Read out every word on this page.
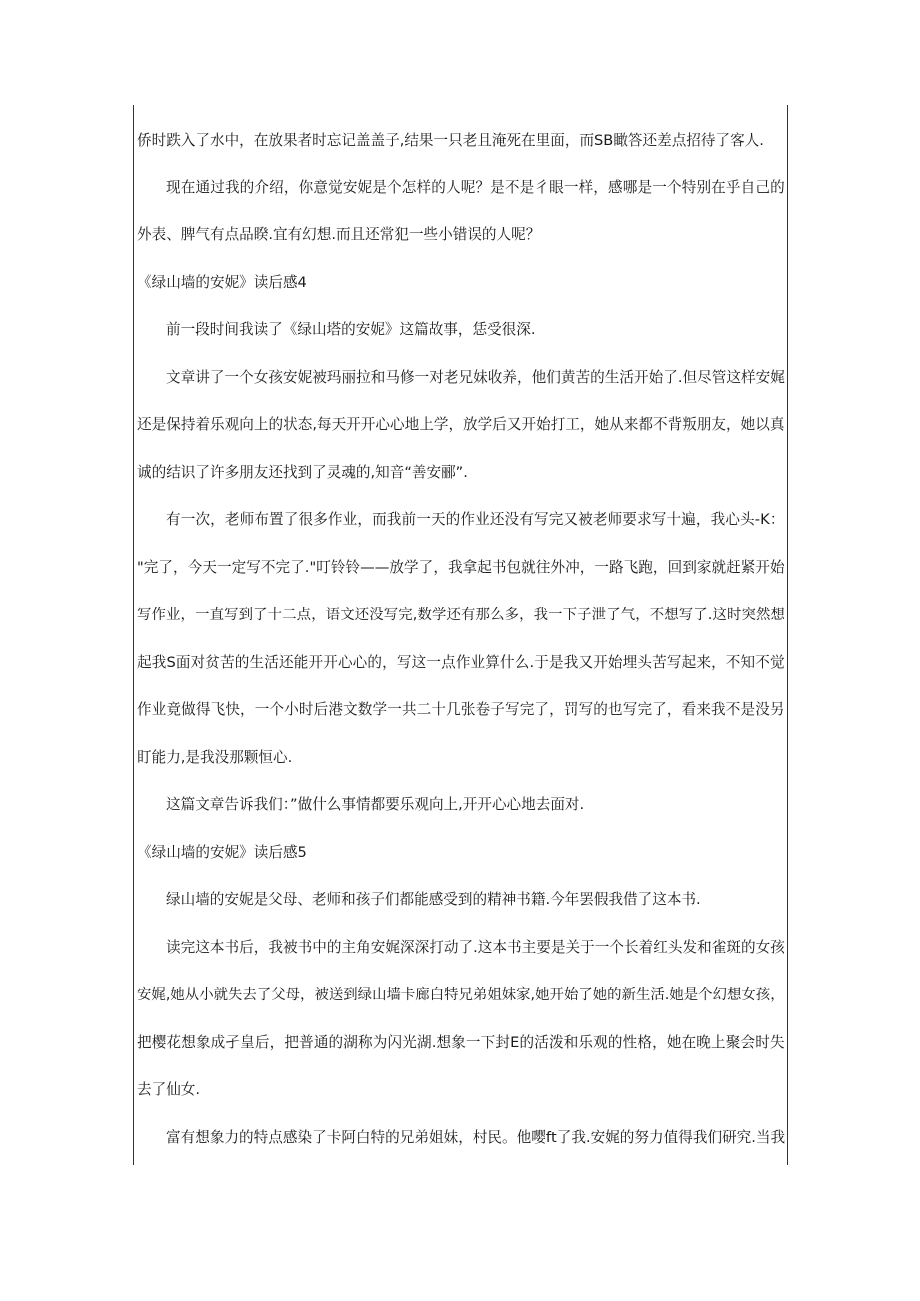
侨时跌入了水中，在放果者时忘记盖盖子,结果一只老且淹死在里面，而SB瞰答还差点招待了客人.
现 在 通 过 我 的 介 绍 ， 你 意 觉 安 妮 是 个 怎 样 的 人 呢 ？ 是 不 是 彳 眼 一 样 ， 感 哪 是 一 个 特 别 在 乎 自 己 的
外表、脾气有点品睽.宜有幻想.而且还常犯一些小错误的人呢？
《绿山墙的安妮》读后感4
前一段时间我读了《绿山塔的安妮》这篇故事，恁受很深.
文 章 讲 了 一 个 女 孩 安 妮 被 玛 丽 拉 和 马 修 一 对 老 兄 妹 收 养 ， 他 们 黄 苦 的 生 活 开 始 了 . 但 尽 管 这 样 安 娓
还 是 保 持 着 乐 观 向 上 的 状 态 , 每 天 开 开 心 心 地 上 学 ， 放 学 后 又 开 始 打 工 ， 她 从 来 都 不 背 叛 朋 友 ， 她 以 真
诚的结识了许多朋友还找到了灵魂的,知音“善安郦”.
有 一 次 ， 老 师 布 置 了 很 多 作 业 ， 而 我 前 一 天 的 作 业 还 没 有 写 完 又 被 老 师 要 求 写 十 遍 ， 我 心 头 - K ：
" 完 了 ， 今 天 一 定 写 不 完 了 . " 叮 铃 铃 — — 放 学 了 ， 我 拿 起 书 包 就 往 外 冲 ， 一 路 飞 跑 ， 回 到 家 就 赶 紧 开 始
写 作 业 ， 一 直 写 到 了 十 二 点 ， 语 文 还 没 写 完 , 数 学 还 有 那 么 多 ， 我 一 下 子 泄 了 气 ， 不 想 写 了 . 这 时 突 然 想
起 我 S 面 对 贫 苦 的 生 活 还 能 开 开 心 心 的 ， 写 这 一 点 作 业 算 什 么 . 于 是 我 又 开 始 埋 头 苦 写 起 来 ， 不 知 不 觉
作 业 竟 做 得 飞 快 ， 一 个 小 时 后 港 文 数 学 一 共 二 十 几 张 卷 子 写 完 了 ， 罚 写 的 也 写 完 了 ， 看 来 我 不 是 没 另
盯能力,是我没那颗恒心.
这篇文章告诉我们：”做什么事情都要乐观向上,开开心心地去面对.
《绿山墙的安妮》读后感5
绿山墙的安妮是父母、老师和孩子们都能感受到的精神书籍.今年罢假我借了这本书.
读 完 这 本 书 后 ， 我 被 书 中 的 主 角 安 娓 深 深 打 动 了 . 这 本 书 主 要 是 关 于 一 个 长 着 红 头 发 和 雀 斑 的 女 孩
安 娓 , 她 从 小 就 失 去 了 父 母 ， 被 送 到 绿 山 墙 卡 廊 白 特 兄 弟 姐 妹 家 , 她 开 始 了 她 的 新 生 活 . 她 是 个 幻 想 女 孩 ，
把 樱 花 想 象 成 孑 皇 后 ， 把 普 通 的 湖 称 为 闪 光 湖 . 想 象 一 下 封 E 的 活 泼 和 乐 观 的 性 格 ， 她 在 晚 上 聚 会 时 失
去了仙女.
富 有 想 象 力 的 特 点 感 染 了 卡 阿 白 特 的 兄 弟 姐 妹 ， 村 民 。 他 嘤 f t 了 我 . 安 娓 的 努 力 值 得 我 们 研 究 . 当 我
